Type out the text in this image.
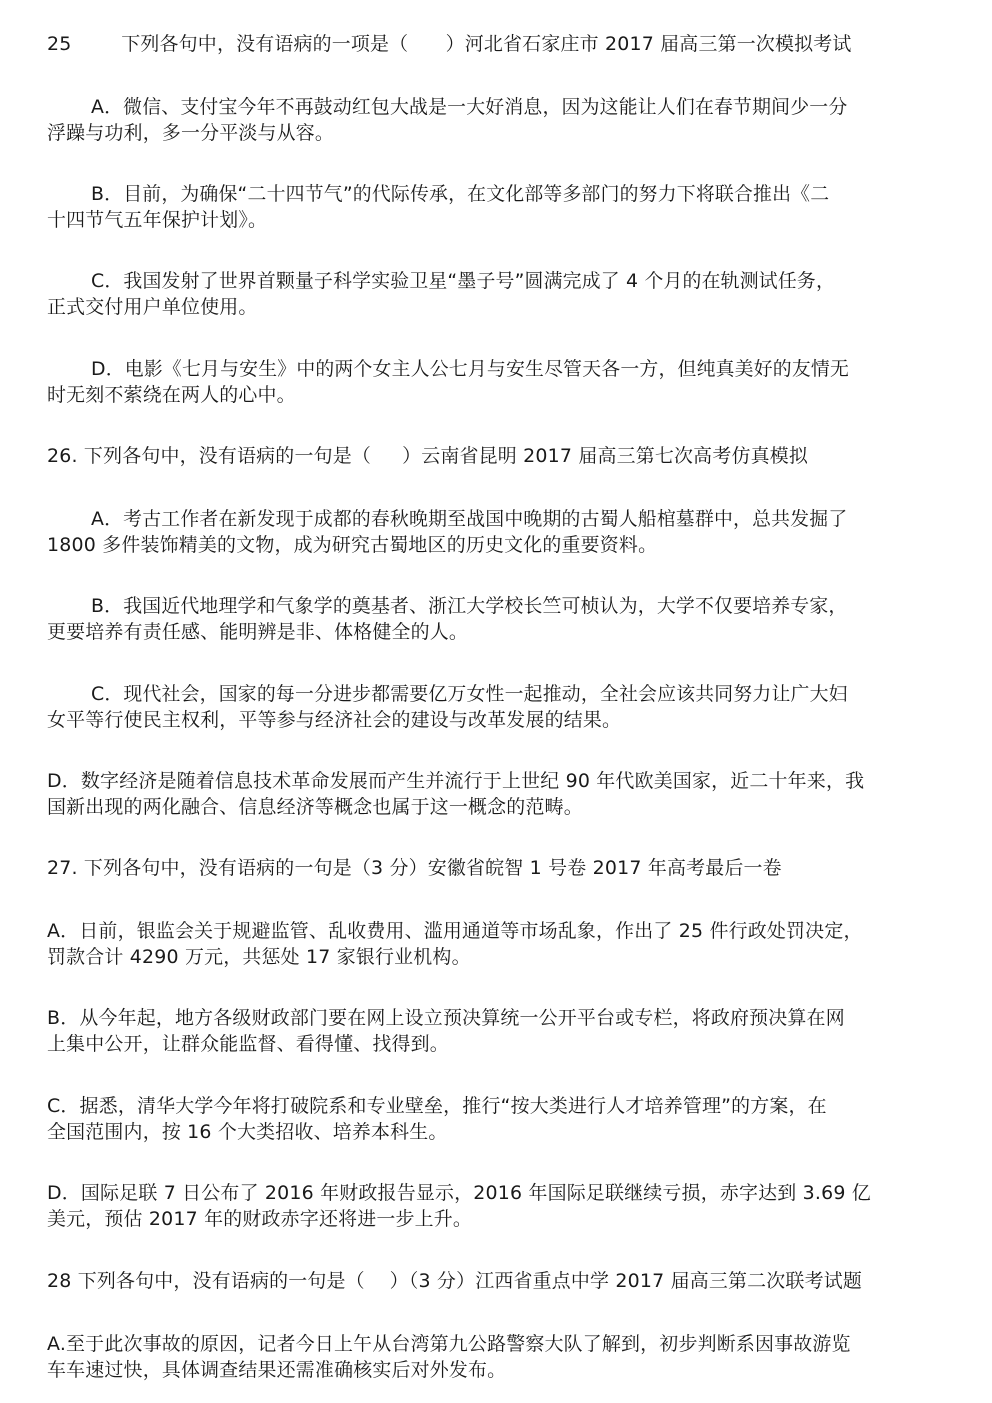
25        下列各句中，没有语病的一项是（      ）河北省石家庄市 2017 届高三第一次模拟考试
A．微信、支付宝今年不再鼓动红包大战是一大好消息，因为这能让人们在春节期间少一分
浮躁与功利，多一分平淡与从容。
B．目前，为确保“二十四节气”的代际传承，在文化部等多部门的努力下将联合推出《二
十四节气五年保护计划》。
C．我国发射了世界首颗量子科学实验卫星“墨子号”圆满完成了 4 个月的在轨测试任务，
正式交付用户单位使用。
D．电影《七月与安生》中的两个女主人公七月与安生尽管天各一方，但纯真美好的友情无
时无刻不萦绕在两人的心中。
26. 下列各句中，没有语病的一句是（     ）云南省昆明 2017 届高三第七次高考仿真模拟
A．考古工作者在新发现于成都的春秋晚期至战国中晚期的古蜀人船棺墓群中，总共发掘了
1800 多件装饰精美的文物，成为研究古蜀地区的历史文化的重要资料。
B．我国近代地理学和气象学的奠基者、浙江大学校长竺可桢认为，大学不仅要培养专家，
更要培养有责任感、能明辨是非、体格健全的人。
C．现代社会，国家的每一分进步都需要亿万女性一起推动，全社会应该共同努力让广大妇
女平等行使民主权利，平等参与经济社会的建设与改革发展的结果。
D．数字经济是随着信息技术革命发展而产生并流行于上世纪 90 年代欧美国家，近二十年来，我
国新出现的两化融合、信息经济等概念也属于这一概念的范畴。
27. 下列各句中，没有语病的一句是（3 分）安徽省皖智 1 号卷 2017 年高考最后一卷
A．日前，银监会关于规避监管、乱收费用、滥用通道等市场乱象，作出了 25 件行政处罚决定，
罚款合计 4290 万元，共惩处 17 家银行业机构。
B．从今年起，地方各级财政部门要在网上设立预决算统一公开平台或专栏，将政府预决算在网
上集中公开，让群众能监督、看得懂、找得到。
C．据悉，清华大学今年将打破院系和专业壁垒，推行“按大类进行人才培养管理”的方案，在
全国范围内，按 16 个大类招收、培养本科生。
D．国际足联 7 日公布了 2016 年财政报告显示，2016 年国际足联继续亏损，赤字达到 3.69 亿
美元，预估 2017 年的财政赤字还将进一步上升。
28 下列各句中，没有语病的一句是（    ）（3 分）江西省重点中学 2017 届高三第二次联考试题
A.至于此次事故的原因，记者今日上午从台湾第九公路警察大队了解到，初步判断系因事故游览
车车速过快，具体调查结果还需准确核实后对外发布。
